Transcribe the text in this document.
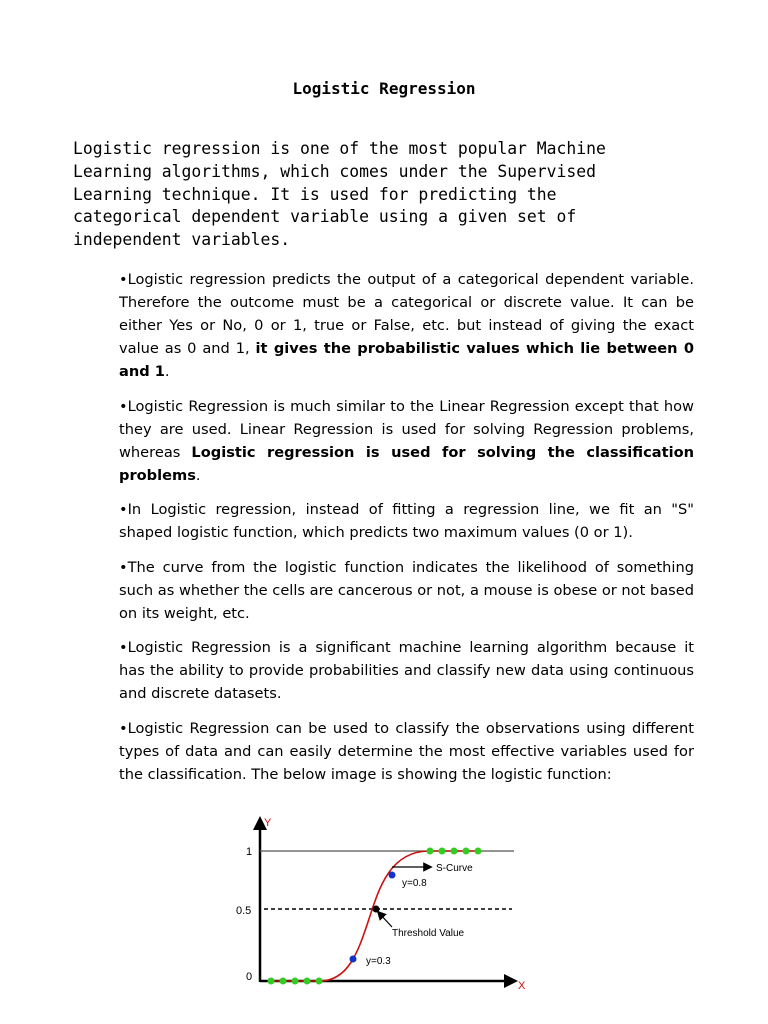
Logistic Regression
Logistic regression is one of the most popular Machine
Learning algorithms, which comes under the Supervised
Learning technique. It is used for predicting the
categorical dependent variable using a given set of
independent variables.

•Logistic regression predicts the output of a categorical dependent variable. Therefore the outcome must be a categorical or discrete value. It can be either Yes or No, 0 or 1, true or False, etc. but instead of giving the exact value as 0 and 1, it gives the probabilistic values which lie between 0 and 1.

•Logistic Regression is much similar to the Linear Regression except that how they are used. Linear Regression is used for solving Regression problems, whereas Logistic regression is used for solving the classification problems.

•In Logistic regression, instead of fitting a regression line, we fit an "S" shaped logistic function, which predicts two maximum values (0 or 1).

•The curve from the logistic function indicates the likelihood of something such as whether the cells are cancerous or not, a mouse is obese or not based on its weight, etc.

•Logistic Regression is a significant machine learning algorithm because it has the ability to provide probabilities and classify new data using continuous and discrete datasets.

•Logistic Regression can be used to classify the observations using different types of data and can easily determine the most effective variables used for the classification. The below image is showing the logistic function:

Y
X
1
0.5
0
S-Curve
y=0.8
Threshold Value
y=0.3
